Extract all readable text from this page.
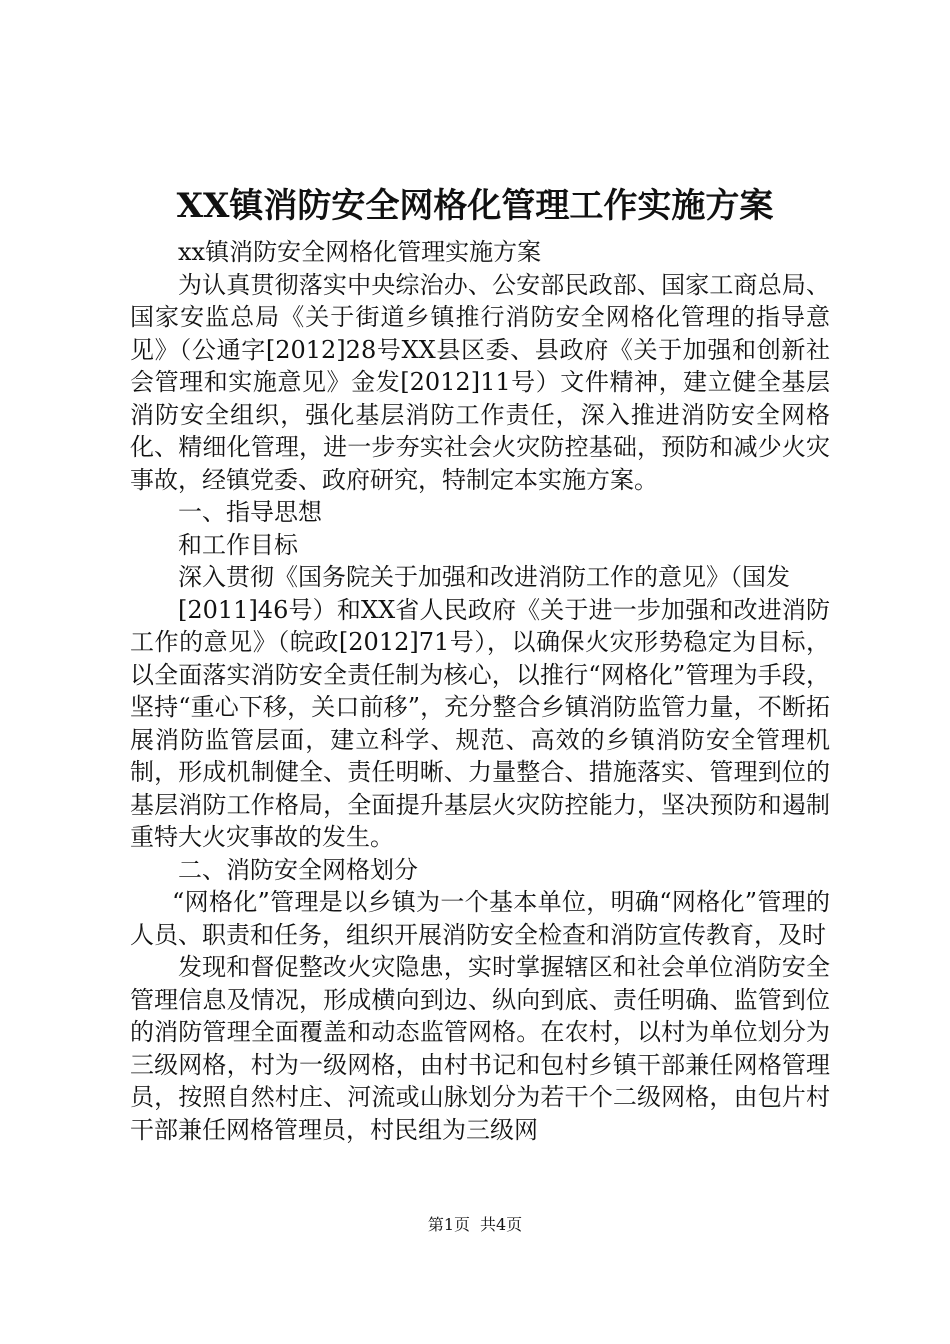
XX镇消防安全网格化管理工作实施方案

xx镇消防安全网格化管理实施方案

为认真贯彻落实中央综治办、公安部民政部、国家工商总局、国家安监总局《关于街道乡镇推行消防安全网格化管理的指导意见》（公通字[2012]28号XX县区委、县政府《关于加强和创新社会管理和实施意见》金发[2012]11号）文件精神，建立健全基层消防安全组织，强化基层消防工作责任，深入推进消防安全网格化、精细化管理，进一步夯实社会火灾防控基础，预防和减少火灾事故，经镇党委、政府研究，特制定本实施方案。

一、指导思想

和工作目标

深入贯彻《国务院关于加强和改进消防工作的意见》（国发

[2011]46号）和XX省人民政府《关于进一步加强和改进消防工作的意见》（皖政[2012]71号），以确保火灾形势稳定为目标，以全面落实消防安全责任制为核心，以推行“网格化”管理为手段，坚持“重心下移，关口前移”，充分整合乡镇消防监管力量，不断拓展消防监管层面，建立科学、规范、高效的乡镇消防安全管理机制，形成机制健全、责任明晰、力量整合、措施落实、管理到位的基层消防工作格局，全面提升基层火灾防控能力，坚决预防和遏制重特大火灾事故的发生。

二、消防安全网格划分

“网格化”管理是以乡镇为一个基本单位，明确“网格化”管理的人员、职责和任务，组织开展消防安全检查和消防宣传教育，及时

发现和督促整改火灾隐患，实时掌握辖区和社会单位消防安全管理信息及情况，形成横向到边、纵向到底、责任明确、监管到位的消防管理全面覆盖和动态监管网格。在农村，以村为单位划分为三级网格，村为一级网格，由村书记和包村乡镇干部兼任网格管理员，按照自然村庄、河流或山脉划分为若干个二级网格，由包片村干部兼任网格管理员，村民组为三级网

第1页 共4页
